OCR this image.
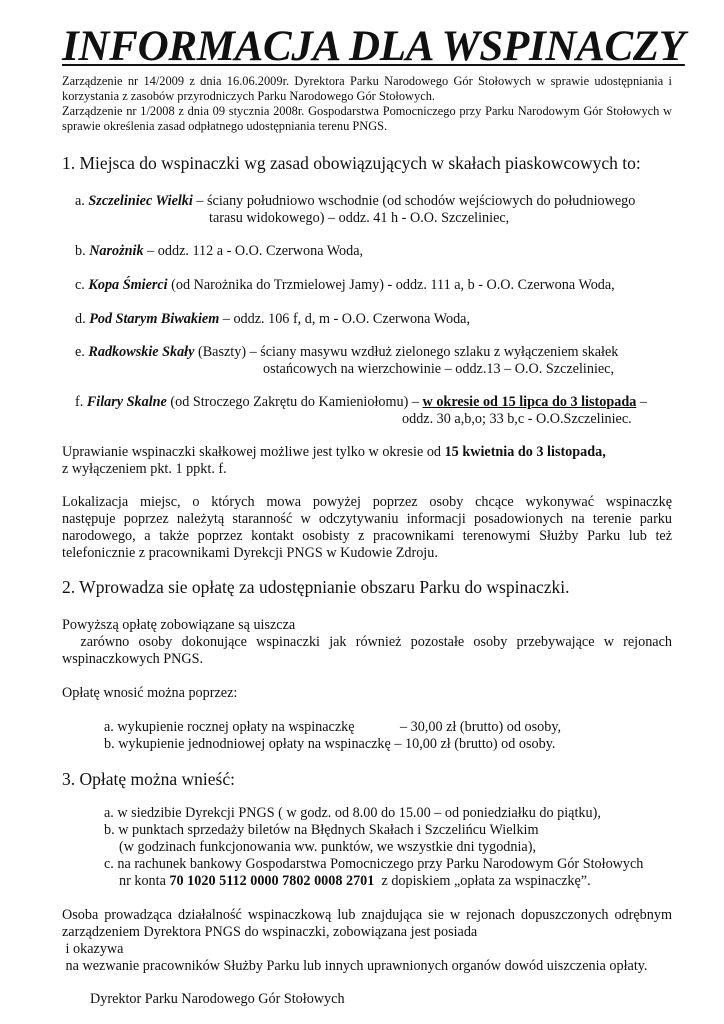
INFORMACJA DLA WSPINACZY
Zarządzenie nr 14/2009 z dnia 16.06.2009r. Dyrektora Parku Narodowego Gór Stołowych w sprawie udostępniania i
korzystania z zasobów przyrodniczych Parku Narodowego Gór Stołowych.
Zarządzenie nr 1/2008 z dnia 09 stycznia 2008r. Gospodarstwa Pomocniczego przy Parku Narodowym Gór Stołowych w
sprawie określenia zasad odpłatnego udostępniania terenu PNGS.
1. Miejsca do wspinaczki wg zasad obowiązujących w skałach piaskowcowych to:
a. Szczeliniec Wielki – ściany południowo wschodnie (od schodów wejściowych do południowego
tarasu widokowego) – oddz. 41 h - O.O. Szczeliniec,
b. Narożnik – oddz. 112 a - O.O. Czerwona Woda,
c. Kopa Śmierci (od Narożnika do Trzmielowej Jamy) - oddz. 111 a, b - O.O. Czerwona Woda,
d. Pod Starym Biwakiem – oddz. 106 f, d, m - O.O. Czerwona Woda,
e. Radkowskie Skały (Baszty) – ściany masywu wzdłuż zielonego szlaku z wyłączeniem skałek
ostańcowych na wierzchowinie – oddz.13 – O.O. Szczeliniec,
f. Filary Skalne (od Stroczego Zakrętu do Kamieniołomu) – w okresie od 15 lipca do 3 listopada –
oddz. 30 a,b,o; 33 b,c - O.O.Szczeliniec.
Uprawianie wspinaczki skałkowej możliwe jest tylko w okresie od 15 kwietnia do 3 listopada,
z wyłączeniem pkt. 1 ppkt. f.
Lokalizacja miejsc, o których mowa powyżej poprzez osoby chcące wykonywać wspinaczkę
następuje poprzez należytą staranność w odczytywaniu informacji posadowionych na terenie parku
narodowego, a także poprzez kontakt osobisty z pracownikami terenowymi Służby Parku lub też
telefonicznie z pracownikami Dyrekcji PNGS w Kudowie Zdroju.
2. Wprowadza sie opłatę za udostępnianie obszaru Parku do wspinaczki.
Powyższą opłatę zobowiązane są uiszcza
zarówno osoby dokonujące wspinaczki jak również pozostałe osoby przebywające w rejonach
wspinaczkowych PNGS.
Opłatę wnosić można poprzez:
a. wykupienie rocznej opłaty na wspinaczkę	– 30,00 zł (brutto) od osoby,
b. wykupienie jednodniowej opłaty na wspinaczkę – 10,00 zł (brutto) od osoby.
3. Opłatę można wnieść:
a. w siedzibie Dyrekcji PNGS ( w godz. od 8.00 do 15.00 – od poniedziałku do piątku),
b. w punktach sprzedaży biletów na Błędnych Skałach i Szczelińcu Wielkim
(w godzinach funkcjonowania ww. punktów, we wszystkie dni tygodnia),
c. na rachunek bankowy Gospodarstwa Pomocniczego przy Parku Narodowym Gór Stołowych
nr konta 70 1020 5112 0000 7802 0008 2701  z dopiskiem „opłata za wspinaczkę”.
Osoba prowadząca działalność wspinaczkową lub znajdująca sie w rejonach dopuszczonych odrębnym
zarządzeniem Dyrektora PNGS do wspinaczki, zobowiązana jest posiada
i okazywa
na wezwanie pracowników Służby Parku lub innych uprawnionych organów dowód uiszczenia opłaty.
Dyrektor Parku Narodowego Gór Stołowych
